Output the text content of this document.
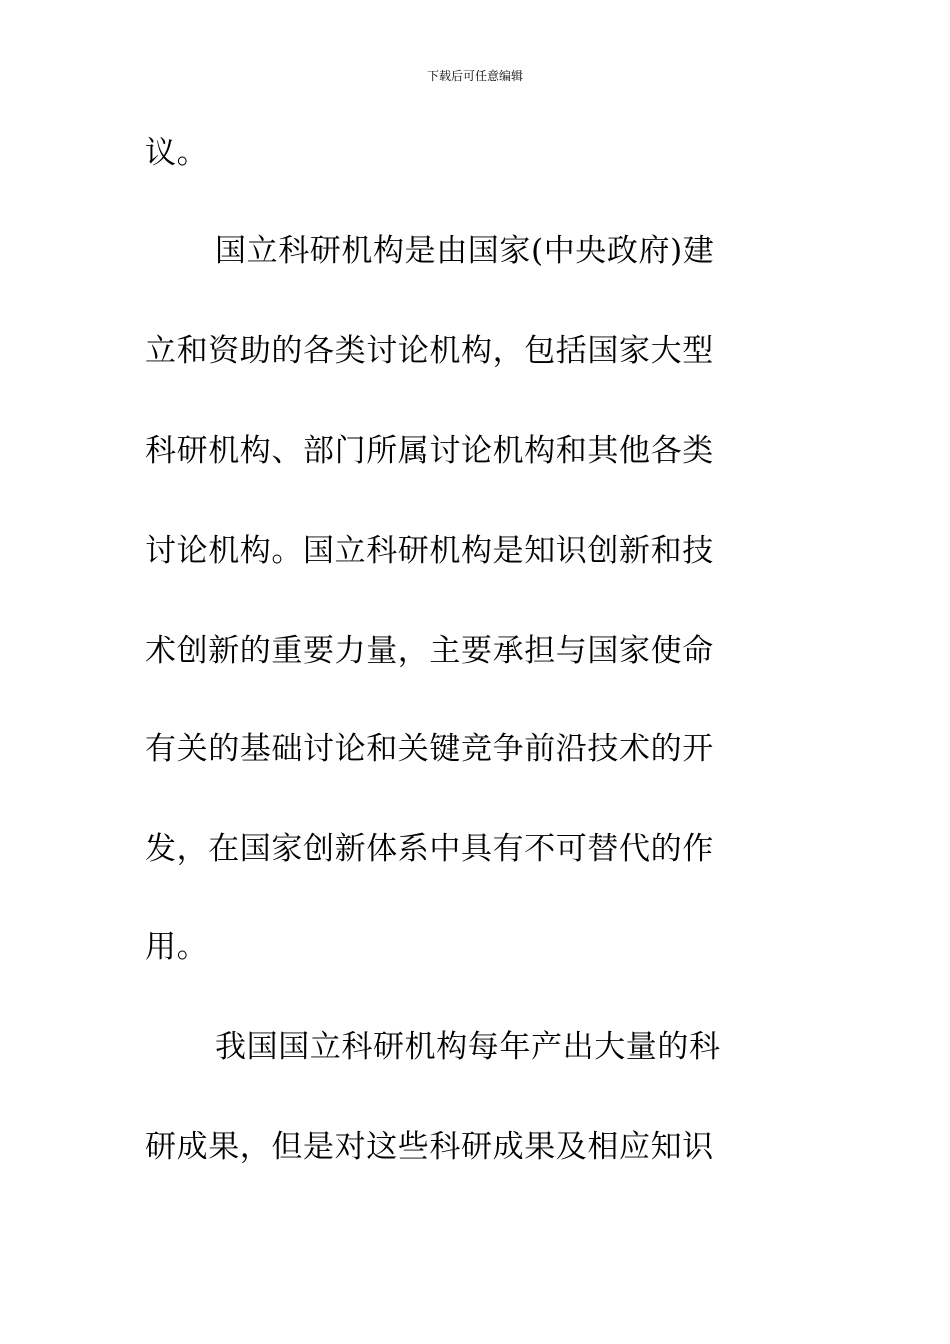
下载后可任意编辑
议。
国立科研机构是由国家(中央政府)建
立和资助的各类讨论机构，包括国家大型
科研机构、部门所属讨论机构和其他各类
讨论机构。国立科研机构是知识创新和技
术创新的重要力量，主要承担与国家使命
有关的基础讨论和关键竞争前沿技术的开
发，在国家创新体系中具有不可替代的作
用。
我国国立科研机构每年产出大量的科
研成果，但是对这些科研成果及相应知识
